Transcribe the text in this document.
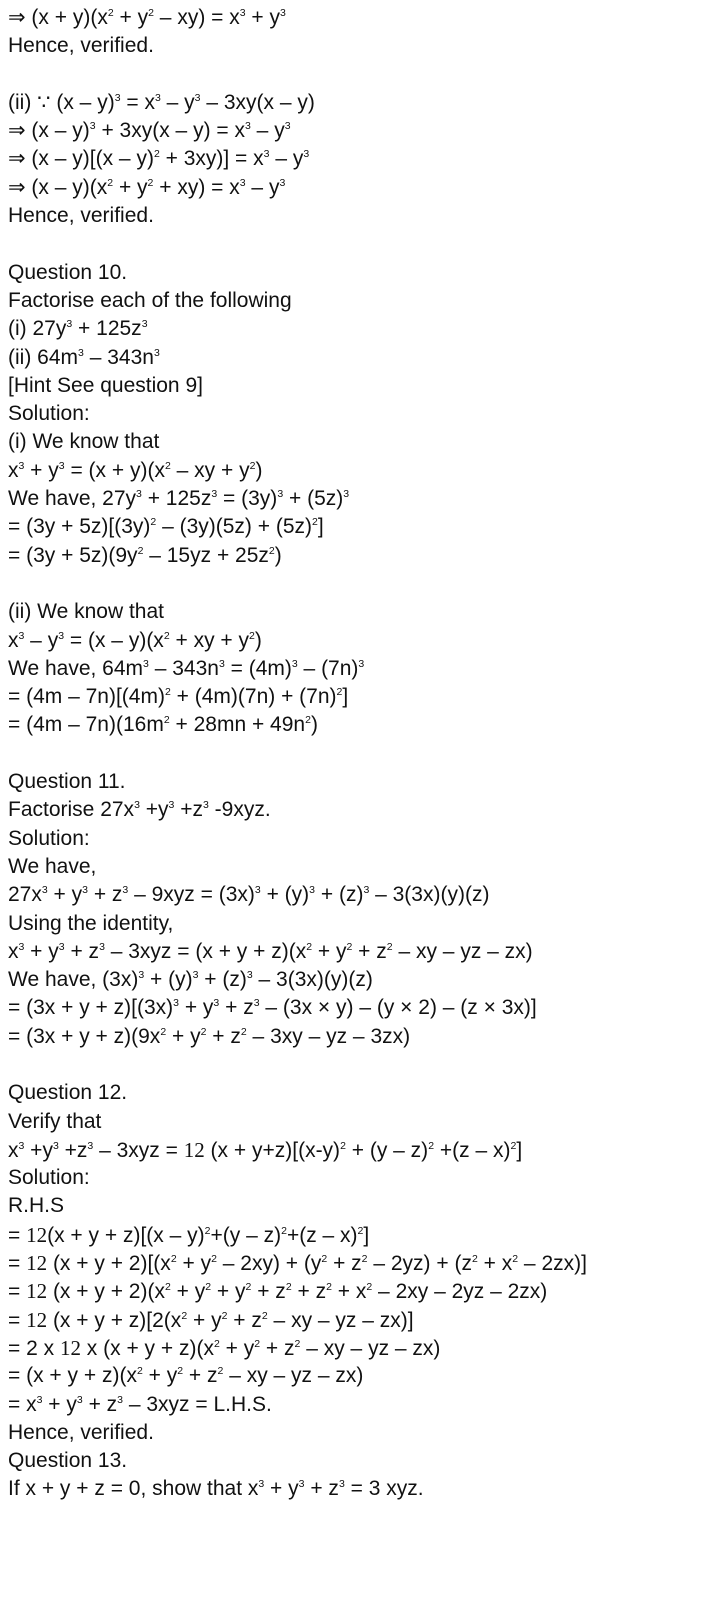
⇒ $(x + y)(x^2 + y^2 - xy) = x^3 + y^3$
Hence, verified.
(ii) ∵ $(x - y)^3 = x^3 - y^3 - 3xy(x - y)$
⇒ $(x - y)^3 + 3xy(x - y) = x^3 - y^3$
⇒ $(x - y)[(x - y)^2 + 3xy)] = x^3 - y^3$
⇒ $(x - y)(x^2 + y^2 + xy) = x^3 - y^3$
Hence, verified.
Question 10.
Factorise each of the following
(i) $27y^3 + 125z^3$
(ii) $64m^3 - 343n^3$
[Hint See question 9]
Solution:
(i) We know that
$x^3 + y^3 = (x + y)(x^2$ – xy + $y^2$)
We have, $27y^3 + 125z^3 = (3y)^3 + (5z)^3$
= $(3y + 5z)[(3y)^2 - (3y)(5z) + (5z)^2]$
= $(3y + 5z)(9y^2 - 15yz + 25z^2)$
(ii) We know that
$x^3 - y^3 = (x - y)(x^2$ + xy + $y^2$)
We have, $64m^3 - 343n^3 = (4m)^3 - (7n)^3$
= $(4m - 7n)[(4m)^2 + (4m)(7n) + (7n)^2]$
= $(4m - 7n)(16m^2 + 28mn + 49n^2)$
Question 11.
Factorise $27x^3 +y^3 +z^3$ -9xyz.
Solution:
We have,
$27x^3 + y^3 + z^3 - 9xyz = (3x)^3 + (y)^3 + (z)^3 - 3(3x)(y)(z)$
Using the identity,
$x^3 + y^3 + z^3 - 3xyz = (x + y + z)(x^2 + y^2 + z^2$ – xy – yz – zx)
We have, $(3x)^3 + (y)^3 + (z)^3 - 3(3x)(y)(z)$
= $(3x + y + z)[(3x)^3 + y^3 + z^3 - (3x \times y) - (y \times 2) - (z \times 3x)]$
= $(3x + y + z)(9x^2 + y^2 + z^2 - 3xy$ – yz – 3zx)
Question 12.
Verify that
$x^3 +y^3 +z^3 - 3xyz = 12$ $(x + y+z)[(x-y)^2 + (y - z)^2 +(z - x)^2]$
Solution:
R.H.S
= 12(x + y + z)[(x – y)$^2$+(y – z)$^2$+(z – x)$^2$]
= 12 $(x + y + 2)[(x^2 + y^2 - 2xy) + (y^2 + z^2 - 2yz) + (z^2 + x^2 - 2zx)]$
= 12 $(x + y + 2)(x^2 + y^2 + y^2 + z^2 + z^2 + x^2 - 2xy - 2yz - 2zx)$
= 12 $(x + y + z)[2(x^2 + y^2 + z^2$ – xy – yz – zx)]
= 2 x 12 x $(x + y + z)(x^2 + y^2 + z^2$ – xy – yz – zx)
= $(x + y + z)(x^2 + y^2 + z^2$ – xy – yz – zx)
= $x^3 + y^3 + z^3 - 3xyz = L.H.S$.
Hence, verified.
Question 13.
If x + y + z = 0, show that $x^3 + y^3 + z^3 = 3$ xyz.
